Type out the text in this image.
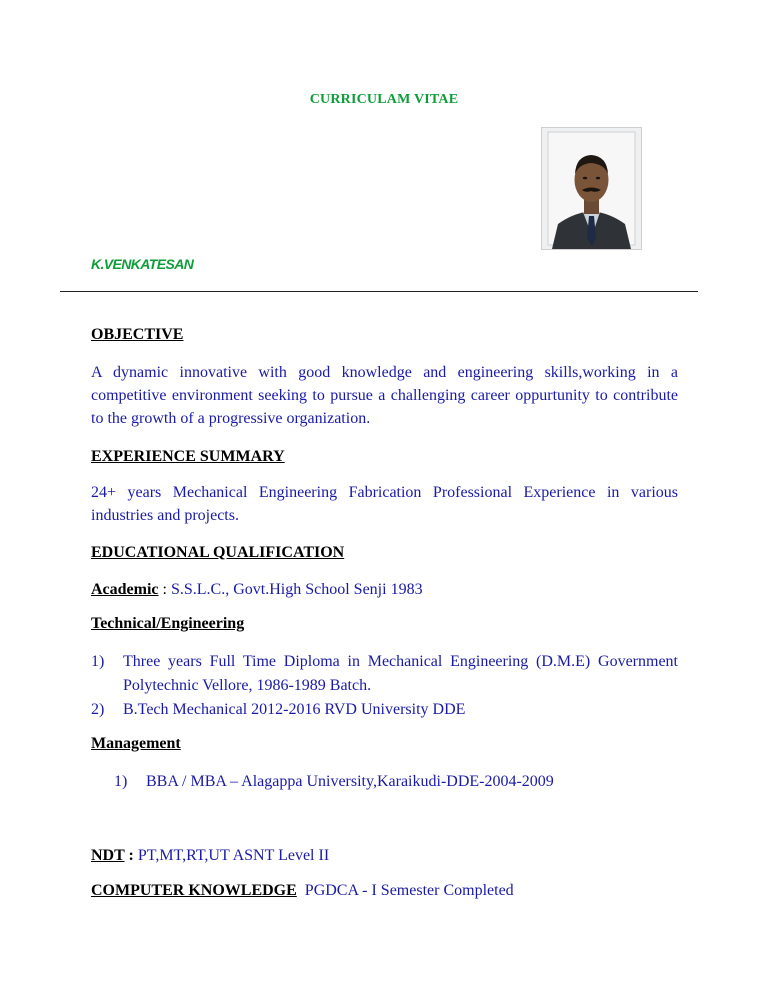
CURRICULAM VITAE
K.VENKATESAN
OBJECTIVE
A dynamic innovative with good knowledge and engineering skills,working in a competitive environment seeking to pursue a challenging career oppurtunity to contribute to the growth of a progressive organization.
EXPERIENCE SUMMARY
24+ years Mechanical Engineering Fabrication Professional Experience in various industries and projects.
EDUCATIONAL QUALIFICATION
Academic : S.S.L.C., Govt.High School Senji 1983
Technical/Engineering
1) Three years Full Time Diploma in Mechanical Engineering (D.M.E) Government Polytechnic Vellore, 1986-1989 Batch.
2) B.Tech Mechanical 2012-2016 RVD University DDE
Management
1) BBA / MBA – Alagappa University,Karaikudi-DDE-2004-2009
NDT : PT,MT,RT,UT ASNT Level II
COMPUTER KNOWLEDGE PGDCA - I Semester Completed
